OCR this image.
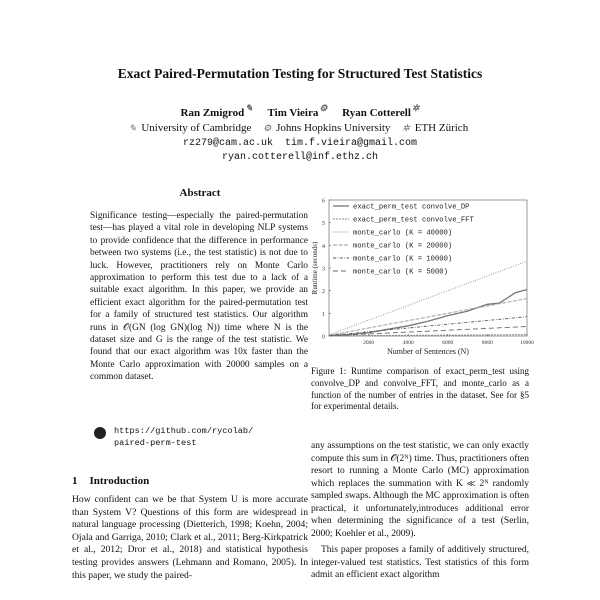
Exact Paired-Permutation Testing for Structured Test Statistics
Ran Zmigrod✎ Tim Vieira⚙ Ryan Cotterell✲
✎ University of Cambridge ⚙ Johns Hopkins University ✲ ETH Zürich
rz279@cam.ac.uk  tim.f.vieira@gmail.com
ryan.cotterell@inf.ethz.ch
Abstract
Significance testing—especially the paired-permutation test—has played a vital role in developing NLP systems to provide confidence that the difference in performance between two systems (i.e., the test statistic) is not due to luck. However, practitioners rely on Monte Carlo approximation to perform this test due to a lack of a suitable exact algorithm. In this paper, we provide an efficient exact algorithm for the paired-permutation test for a family of structured test statistics. Our algorithm runs in 𝒪(GN (log GN)(log N)) time where N is the dataset size and G is the range of the test statistic. We found that our exact algorithm was 10x faster than the Monte Carlo approximation with 20000 samples on a common dataset.
https://github.com/rycolab/
paired-perm-test
1 Introduction
How confident can we be that System U is more accurate than System V? Questions of this form are widespread in natural language processing (Dietterich, 1998; Koehn, 2004; Ojala and Garriga, 2010; Clark et al., 2011; Berg-Kirkpatrick et al., 2012; Dror et al., 2018) and statistical hypothesis testing provides answers (Lehmann and Romano, 2005). In this paper, we study the paired-
0
1
2
3
4
5
6
2000	4000	6000	8000	10000
Number of Sentences (N)
Runtime (seconds)
exact_perm_test convolve_DP
exact_perm_test convolve_FFT
monte_carlo (K = 40000)
monte_carlo (K = 20000)
monte_carlo (K = 10000)
monte_carlo (K = 5000)
Figure 1: Runtime comparison of exact_perm_test using convolve_DP and convolve_FFT, and monte_carlo as a function of the number of entries in the dataset. See for §5 for experimental details.

any assumptions on the test statistic, we can only exactly compute this sum in 𝒪(2ᴺ) time. Thus, practitioners often resort to running a Monte Carlo (MC) approximation which replaces the summation with K ≪ 2ᴺ randomly sampled swaps. Although the MC approximation is often practical, it unfortunately,introduces additional error when determining the significance of a test (Serlin, 2000; Koehler et al., 2009).

This paper proposes a family of additively structured, integer-valued test statistics. Test statistics of this form admit an efficient exact algorithm
